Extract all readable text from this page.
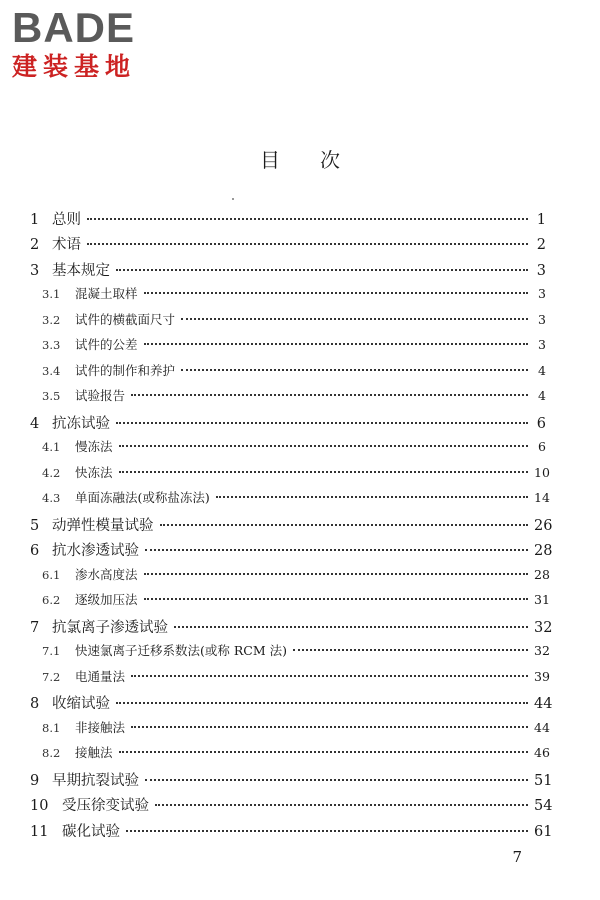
BADE
建装基地
目次
1 总则	1
2 术语	2
3 基本规定	3
3.1	混凝土取样	3
3.2	试件的横截面尺寸	3
3.3	试件的公差	3
3.4	试件的制作和养护	4
3.5	试验报告	4
4 抗冻试验	6
4.1	慢冻法	6
4.2	快冻法	10
4.3	单面冻融法(或称盐冻法)	14
5 动弹性模量试验	26
6 抗水渗透试验	28
6.1	渗水高度法	28
6.2	逐级加压法	31
7 抗氯离子渗透试验	32
7.1	快速氯离子迁移系数法(或称 RCM 法)	32
7.2	电通量法	39
8 收缩试验	44
8.1	非接触法	44
8.2	接触法	46
9 早期抗裂试验	51
10 受压徐变试验	54
11 碳化试验	61
7
